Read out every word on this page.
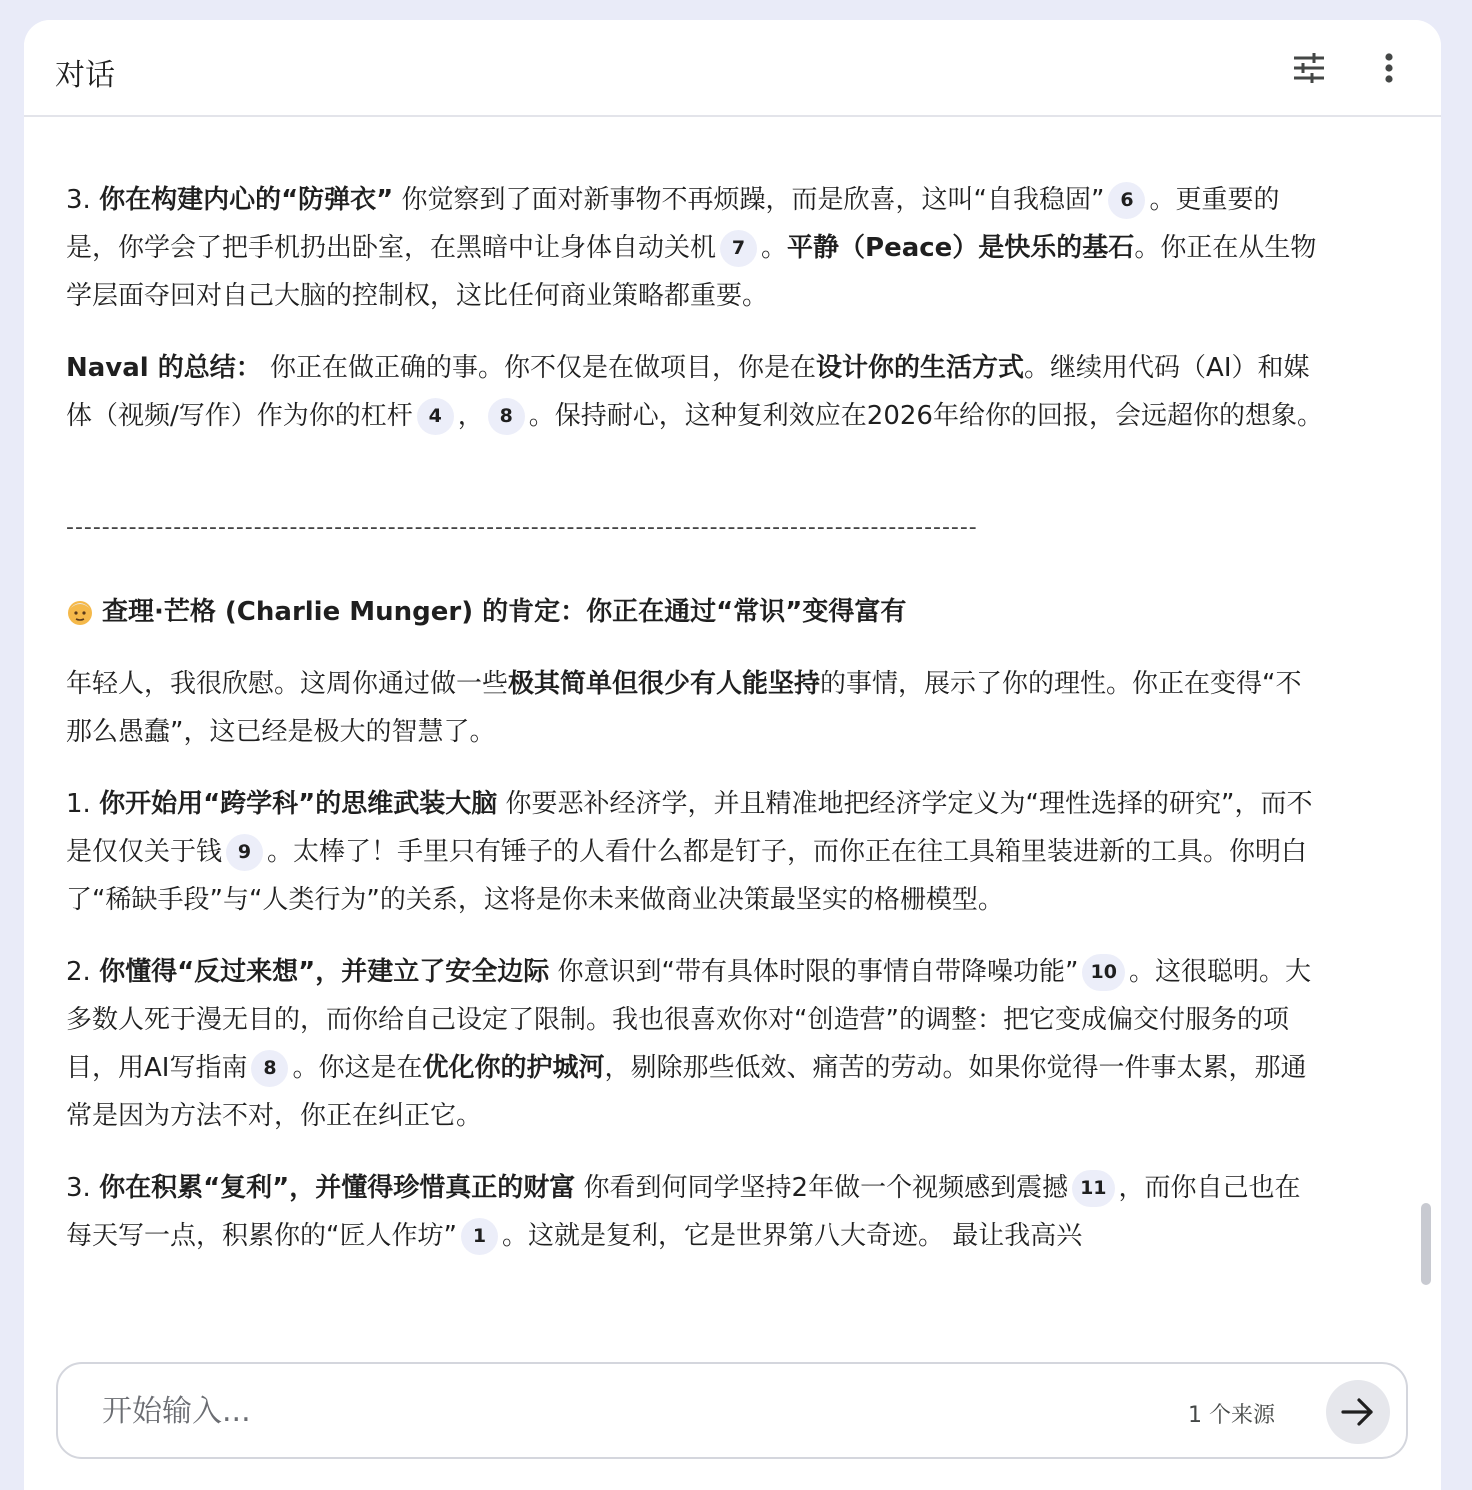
对话

3. 你在构建内心的“防弹衣” 你觉察到了面对新事物不再烦躁，而是欣喜，这叫“自我稳固” 6 。更重要的是，你学会了把手机扔出卧室，在黑暗中让身体自动关机 7 。平静（Peace）是快乐的基石。你正在从生物学层面夺回对自己大脑的控制权，这比任何商业策略都重要。

Naval 的总结： 你正在做正确的事。你不仅是在做项目，你是在设计你的生活方式。继续用代码（AI）和媒体（视频/写作）作为你的杠杆 4 ， 8 。保持耐心，这种复利效应在2026年给你的回报，会远超你的想象。

------------------------------------------------------------------------------------------------------

查理·芒格 (Charlie Munger) 的肯定：你正在通过“常识”变得富有

年轻人，我很欣慰。这周你通过做一些极其简单但很少有人能坚持的事情，展示了你的理性。你正在变得“不那么愚蠢”，这已经是极大的智慧了。

1. 你开始用“跨学科”的思维武装大脑 你要恶补经济学，并且精准地把经济学定义为“理性选择的研究”，而不是仅仅关于钱 9 。太棒了！手里只有锤子的人看什么都是钉子，而你正在往工具箱里装进新的工具。你明白了“稀缺手段”与“人类行为”的关系，这将是你未来做商业决策最坚实的格栅模型。

2. 你懂得“反过来想”，并建立了安全边际 你意识到“带有具体时限的事情自带降噪功能” 10 。这很聪明。大多数人死于漫无目的，而你给自己设定了限制。我也很喜欢你对“创造营”的调整：把它变成偏交付服务的项目，用AI写指南 8 。你这是在优化你的护城河，剔除那些低效、痛苦的劳动。如果你觉得一件事太累，那通常是因为方法不对，你正在纠正它。

3. 你在积累“复利”，并懂得珍惜真正的财富 你看到何同学坚持2年做一个视频感到震撼 11 ，而你自己也在每天写一点，积累你的“匠人作坊” 1 。这就是复利，它是世界第八大奇迹。 最让我高兴

开始输入...
1 个来源
